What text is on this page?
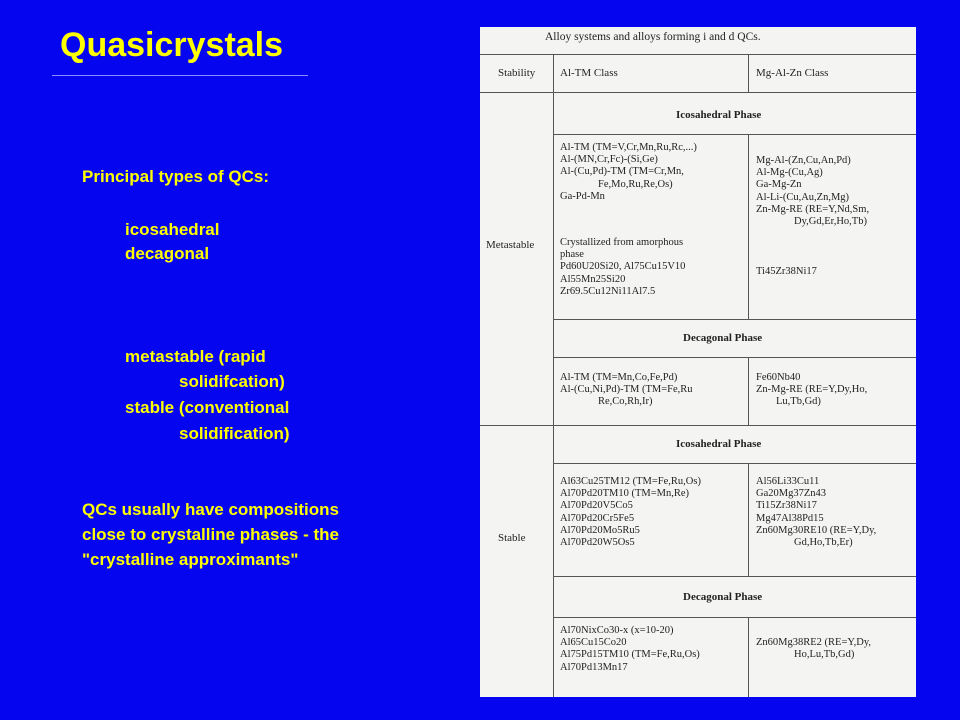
Quasicrystals
Principal types of QCs:
icosahedral
decagonal
metastable (rapid
solidifcation)
stable (conventional
solidification)
QCs usually have compositions
close to crystalline phases - the
"crystalline approximants"
Alloy systems and alloys forming i and d QCs.
Stability Al-TM Class	Mg-Al-Zn Class
Metastable
Stable
Icosahedral Phase
Decagonal Phase
Icosahedral Phase
Decagonal Phase
Al-TM (TM=V,Cr,Mn,Ru,Rc,...)
Al-(MN,Cr,Fc)-(Si,Ge)
Al-(Cu,Pd)-TM (TM=Cr,Mn,
Fe,Mo,Ru,Re,Os)
Ga-Pd-Mn
Crystallized from amorphous
phase
Pd60U20Si20, Al75Cu15V10
Al55Mn25Si20
Zr69.5Cu12Ni11Al7.5
Mg-Al-(Zn,Cu,An,Pd)
Al-Mg-(Cu,Ag)
Ga-Mg-Zn
Al-Li-(Cu,Au,Zn,Mg)
Zn-Mg-RE (RE=Y,Nd,Sm,
Dy,Gd,Er,Ho,Tb)
Ti45Zr38Ni17
Al-TM (TM=Mn,Co,Fe,Pd)
Al-(Cu,Ni,Pd)-TM (TM=Fe,Ru
Re,Co,Rh,Ir)
Fe60Nb40
Zn-Mg-RE (RE=Y,Dy,Ho,
Lu,Tb,Gd)
Al63Cu25TM12 (TM=Fe,Ru,Os)
Al70Pd20TM10 (TM=Mn,Re)
Al70Pd20V5Co5
Al70Pd20Cr5Fe5
Al70Pd20Mo5Ru5
Al70Pd20W5Os5
Al56Li33Cu11
Ga20Mg37Zn43
Ti15Zr38Ni17
Mg47Al38Pd15
Zn60Mg30RE10 (RE=Y,Dy,
Gd,Ho,Tb,Er)
Al70NixCo30-x (x=10-20)
Al65Cu15Co20
Al75Pd15TM10 (TM=Fe,Ru,Os)
Al70Pd13Mn17
Zn60Mg38RE2 (RE=Y,Dy,
Ho,Lu,Tb,Gd)
